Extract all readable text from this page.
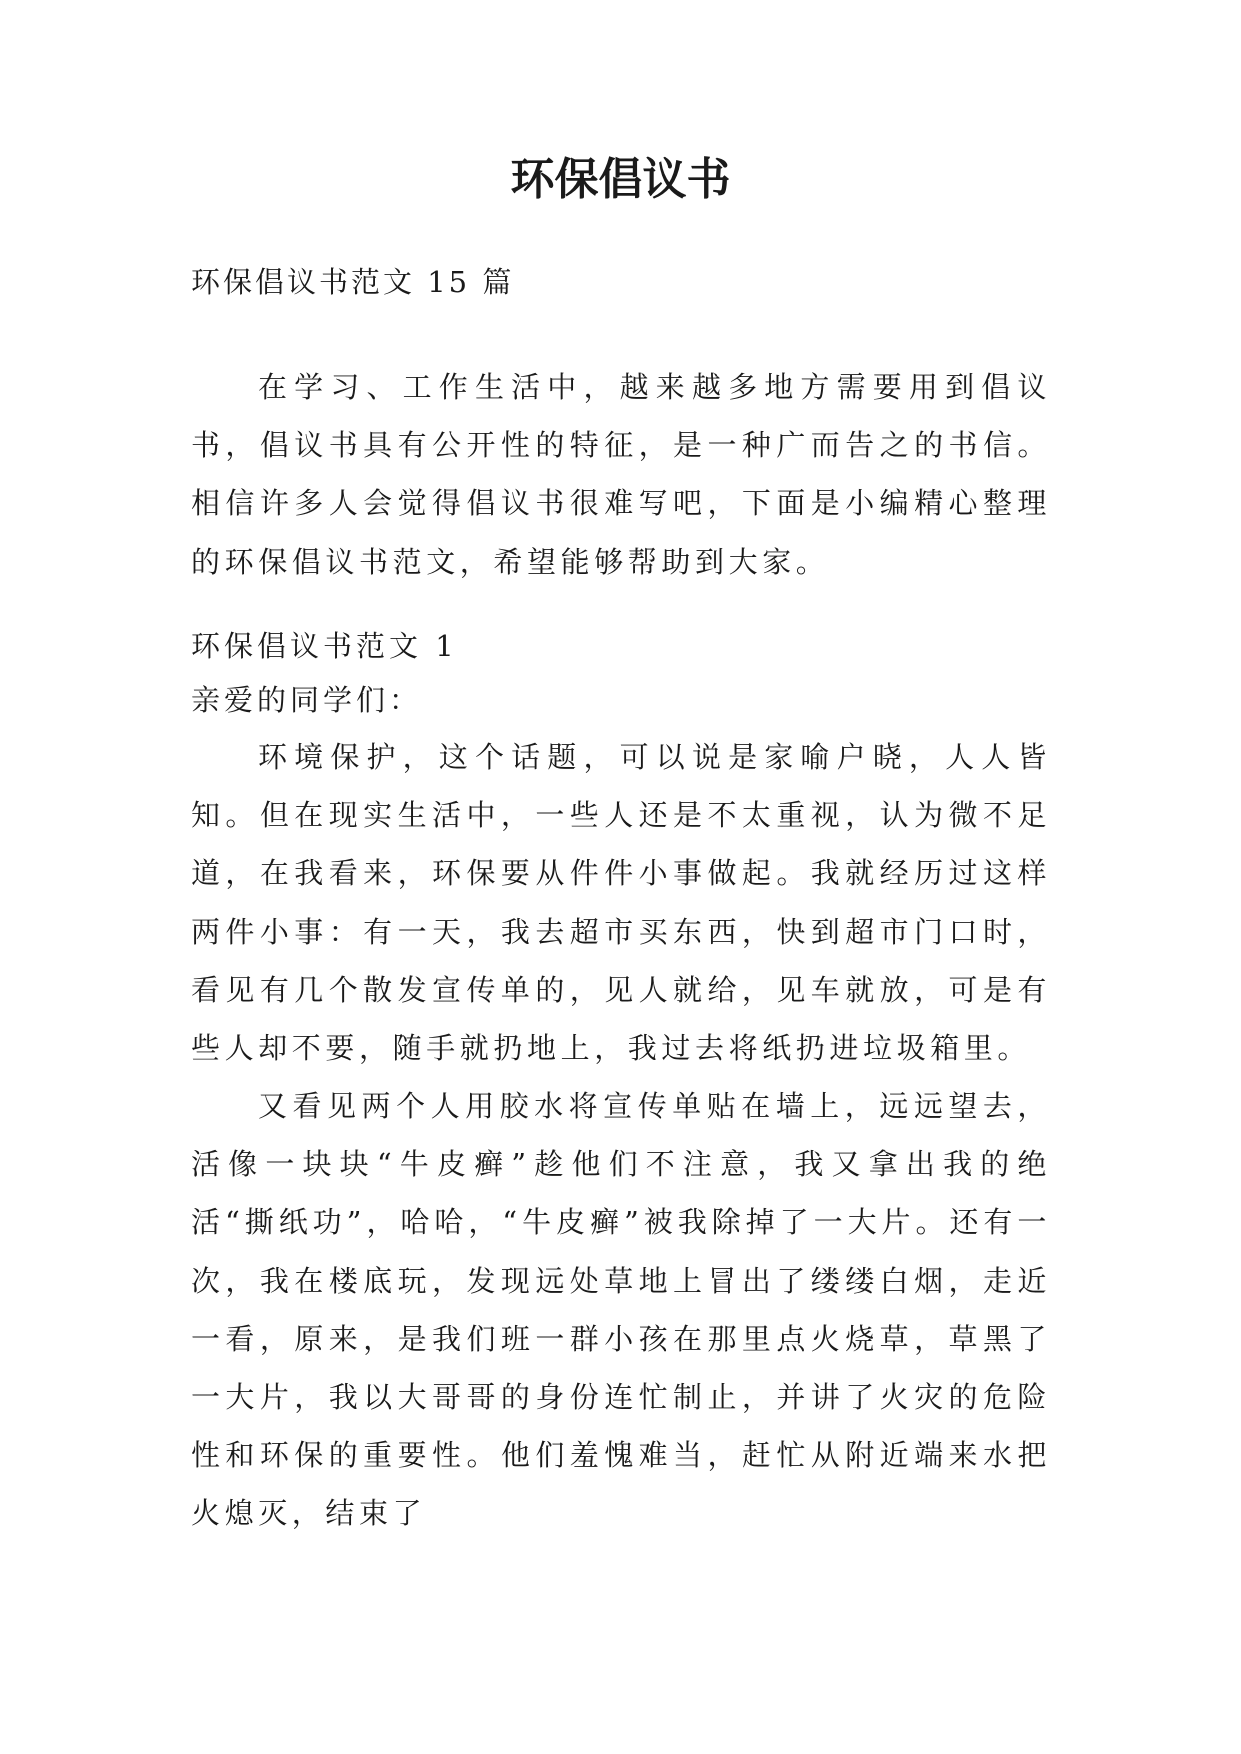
环保倡议书

环保倡议书范文 15 篇

在学习、工作生活中，越来越多地方需要用到倡议书，倡议书具有公开性的特征，是一种广而告之的书信。相信许多人会觉得倡议书很难写吧，下面是小编精心整理的环保倡议书范文，希望能够帮助到大家。

环保倡议书范文 1

亲爱的同学们：

环境保护，这个话题，可以说是家喻户晓，人人皆知。但在现实生活中，一些人还是不太重视，认为微不足道，在我看来，环保要从件件小事做起。我就经历过这样两件小事：有一天，我去超市买东西，快到超市门口时，看见有几个散发宣传单的，见人就给，见车就放，可是有些人却不要，随手就扔地上，我过去将纸扔进垃圾箱里。

又看见两个人用胶水将宣传单贴在墙上，远远望去，活像一块块“牛皮癣”趁他们不注意，我又拿出我的绝活“撕纸功”，哈哈，“牛皮癣”被我除掉了一大片。还有一次，我在楼底玩，发现远处草地上冒出了缕缕白烟，走近一看，原来，是我们班一群小孩在那里点火烧草，草黑了一大片，我以大哥哥的身份连忙制止，并讲了火灾的危险性和环保的重要性。他们羞愧难当，赶忙从附近端来水把火熄灭，结束了
